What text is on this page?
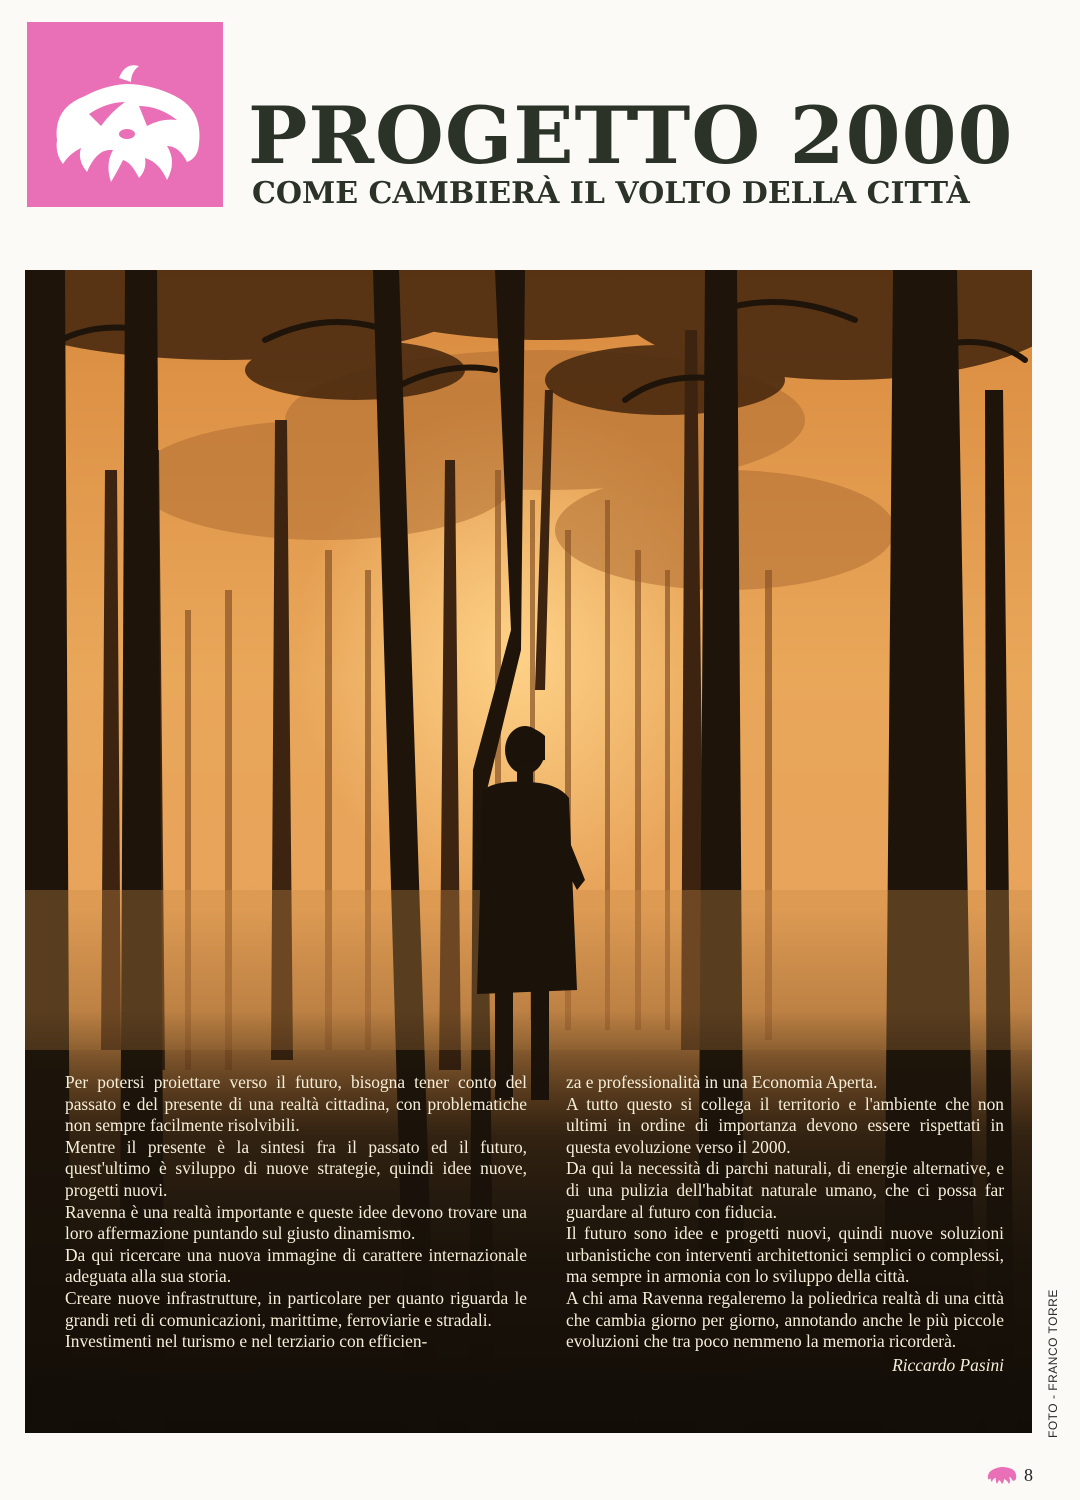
PROGETTO 2000
COME CAMBIERÀ IL VOLTO DELLA CITTÀ

Per potersi proiettare verso il futuro, bisogna tener conto del passato e del presente di una realtà cittadina, con problematiche non sempre facilmente risolvibili.

Mentre il presente è la sintesi fra il passato ed il futuro, quest'ultimo è sviluppo di nuove strategie, quindi idee nuove, progetti nuovi.

Ravenna è una realtà importante e queste idee devono trovare una loro affermazione puntando sul giusto dinamismo.

Da qui ricercare una nuova immagine di carattere internazionale adeguata alla sua storia.

Creare nuove infrastrutture, in particolare per quanto riguarda le grandi reti di comunicazioni, marittime, ferroviarie e stradali.

Investimenti nel turismo e nel terziario con efficien-

za e professionalità in una Economia Aperta.

A tutto questo si collega il territorio e l'ambiente che non ultimi in ordine di importanza devono essere rispettati in questa evoluzione verso il 2000.

Da qui la necessità di parchi naturali, di energie alternative, e di una pulizia dell'habitat naturale umano, che ci possa far guardare al futuro con fiducia.

Il futuro sono idee e progetti nuovi, quindi nuove soluzioni urbanistiche con interventi architettonici semplici o complessi, ma sempre in armonia con lo sviluppo della città.

A chi ama Ravenna regaleremo la poliedrica realtà di una città che cambia giorno per giorno, annotando anche le più piccole evoluzioni che tra poco nemmeno la memoria ricorderà.

Riccardo Pasini	FOTO - FRANCO TORRE
8
